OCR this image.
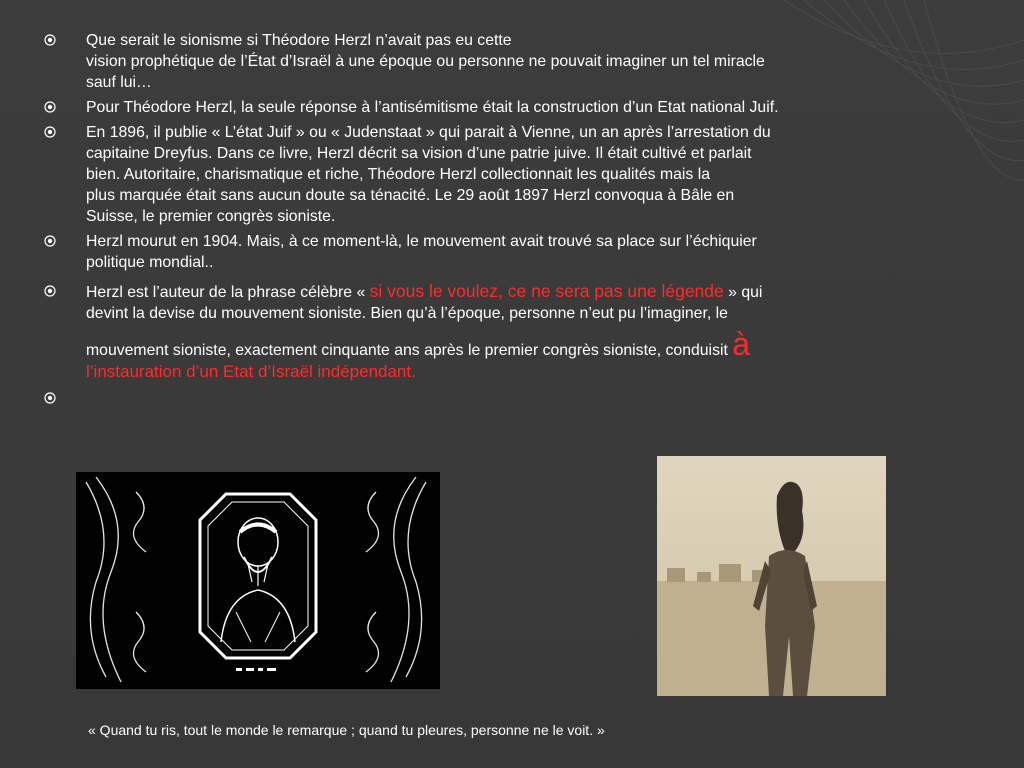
Que serait le sionisme si Théodore Herzl n’avait pas eu cette
vision prophétique de l’État d’Israël à une époque ou personne ne pouvait imaginer un tel miracle
sauf lui…
Pour Théodore Herzl, la seule réponse à l’antisémitisme était la construction d’un Etat national Juif.
En 1896, il publie « L’état Juif » ou « Judenstaat » qui parait à Vienne, un an après l’arrestation du
capitaine Dreyfus. Dans ce livre, Herzl décrit sa vision d’une patrie juive. Il était cultivé et parlait
bien. Autoritaire, charismatique et riche, Théodore Herzl collectionnait les qualités mais la
plus marquée était sans aucun doute sa ténacité. Le 29 août 1897 Herzl convoqua à Bâle en
Suisse, le premier congrès sioniste.
Herzl mourut en 1904. Mais, à ce moment-là, le mouvement avait trouvé sa place sur l’échiquier
politique mondial..
Herzl est l’auteur de la phrase célèbre « si vous le voulez, ce ne sera pas une légende » qui
devint la devise du mouvement sioniste. Bien qu’à l’époque, personne n’eut pu l’imaginer, le
mouvement sioniste, exactement cinquante ans après le premier congrès sioniste, conduisit à
l’instauration d’un Etat d’Israël indépendant.
« Quand tu ris, tout le monde le remarque ; quand tu pleures, personne ne le voit. »
